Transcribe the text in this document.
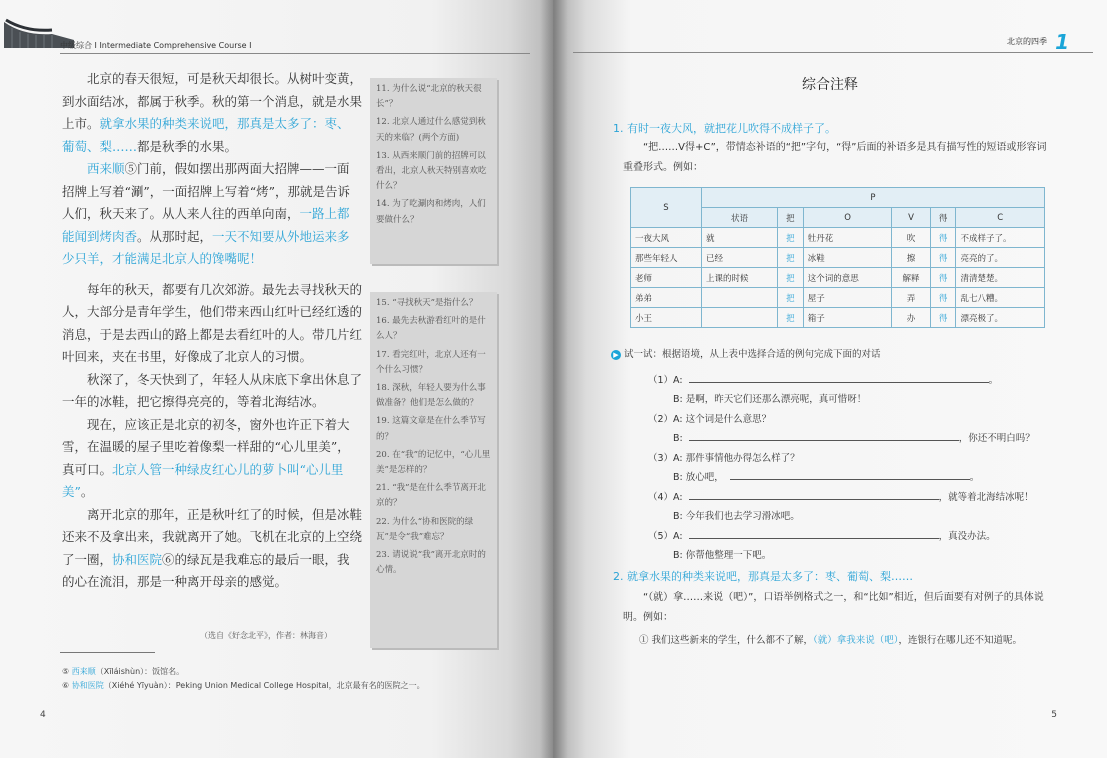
中级综合 Ⅰ Intermediate Comprehensive Course Ⅰ

北京的春天很短，可是秋天却很长。从树叶变黄，到水面结冰，都属于秋季。秋的第一个消息，就是水果上市。就拿水果的种类来说吧，那真是太多了：枣、葡萄、梨……都是秋季的水果。

西来顺⑤门前，假如摆出那两面大招牌——一面招牌上写着“涮”，一面招牌上写着“烤”，那就是告诉人们，秋天来了。从人来人往的西单向南，一路上都能闻到烤肉香。从那时起，一天不知要从外地运来多少只羊，才能满足北京人的馋嘴呢！

每年的秋天，都要有几次郊游。最先去寻找秋天的人，大部分是青年学生，他们带来西山红叶已经红透的消息，于是去西山的路上都是去看红叶的人。带几片红叶回来，夹在书里，好像成了北京人的习惯。

秋深了，冬天快到了，年轻人从床底下拿出休息了一年的冰鞋，把它擦得亮亮的，等着北海结冰。

现在，应该正是北京的初冬，窗外也许正下着大雪，在温暖的屋子里吃着像梨一样甜的“心儿里美”，真可口。北京人管一种绿皮红心儿的萝卜叫“心儿里美”。

离开北京的那年，正是秋叶红了的时候，但是冰鞋还来不及拿出来，我就离开了她。飞机在北京的上空绕了一圈，协和医院⑥的绿瓦是我难忘的最后一眼，我的心在流泪，那是一种离开母亲的感觉。

（选自《好念北平》，作者：林海音）
11. 为什么说“北京的秋天很长”？
12. 北京人通过什么感觉到秋天的来临？(两个方面)
13. 从西来顺门前的招牌可以看出，北京人秋天特别喜欢吃什么？
14. 为了吃涮肉和烤肉，人们要做什么？
15. “寻找秋天”是指什么？
16. 最先去秋游看红叶的是什么人？
17. 看完红叶，北京人还有一个什么习惯？
18. 深秋，年轻人要为什么事做准备？他们是怎么做的？
19. 这篇文章是在什么季节写的？
20. 在“我”的记忆中，“心儿里美”是怎样的？
21. “我”是在什么季节离开北京的？
22. 为什么“协和医院的绿瓦”是令“我”难忘？
23. 请说说“我”离开北京时的心情。
⑤ 西来顺（Xīláishùn）：饭馆名。
⑥ 协和医院（Xiéhé Yīyuàn）：Peking Union Medical College Hospital，北京最有名的医院之一。
4
北京的四季 1
综合注释
1. 有时一夜大风，就把花儿吹得不成样子了。
“把……V得+C”，带情态补语的“把”字句，“得”后面的补语多是具有描写性的短语或形容词重叠形式。例如：
S	P					
	状语	把	O	V	得	C
一夜大风	就	把	牡丹花	吹	得	不成样子了。
那些年轻人	已经	把	冰鞋	擦	得	亮亮的了。
老师	上课的时候	把	这个词的意思	解释	得	清清楚楚。
弟弟		把	屋子	弄	得	乱七八糟。
小王		把	箱子	办	得	漂亮极了。
▶ 试一试：根据语境，从上表中选择合适的例句完成下面的对话
（1）A:	。
B: 是啊，昨天它们还那么漂亮呢，真可惜呀！
（2）A: 这个词是什么意思？
B:	，你还不明白吗？
（3）A: 那件事情他办得怎么样了？
B: 放心吧，	。
（4）A:	，就等着北海结冰呢！
B: 今年我们也去学习滑冰吧。
（5）A:	，真没办法。
B: 你帮他整理一下吧。
2. 就拿水果的种类来说吧，那真是太多了：枣、葡萄、梨……
“（就）拿……来说（吧）”，口语举例格式之一，和“比如”相近，但后面要有对例子的具体说明。例如：
① 我们这些新来的学生，什么都不了解，（就）拿我来说（吧），连银行在哪儿还不知道呢。
5
